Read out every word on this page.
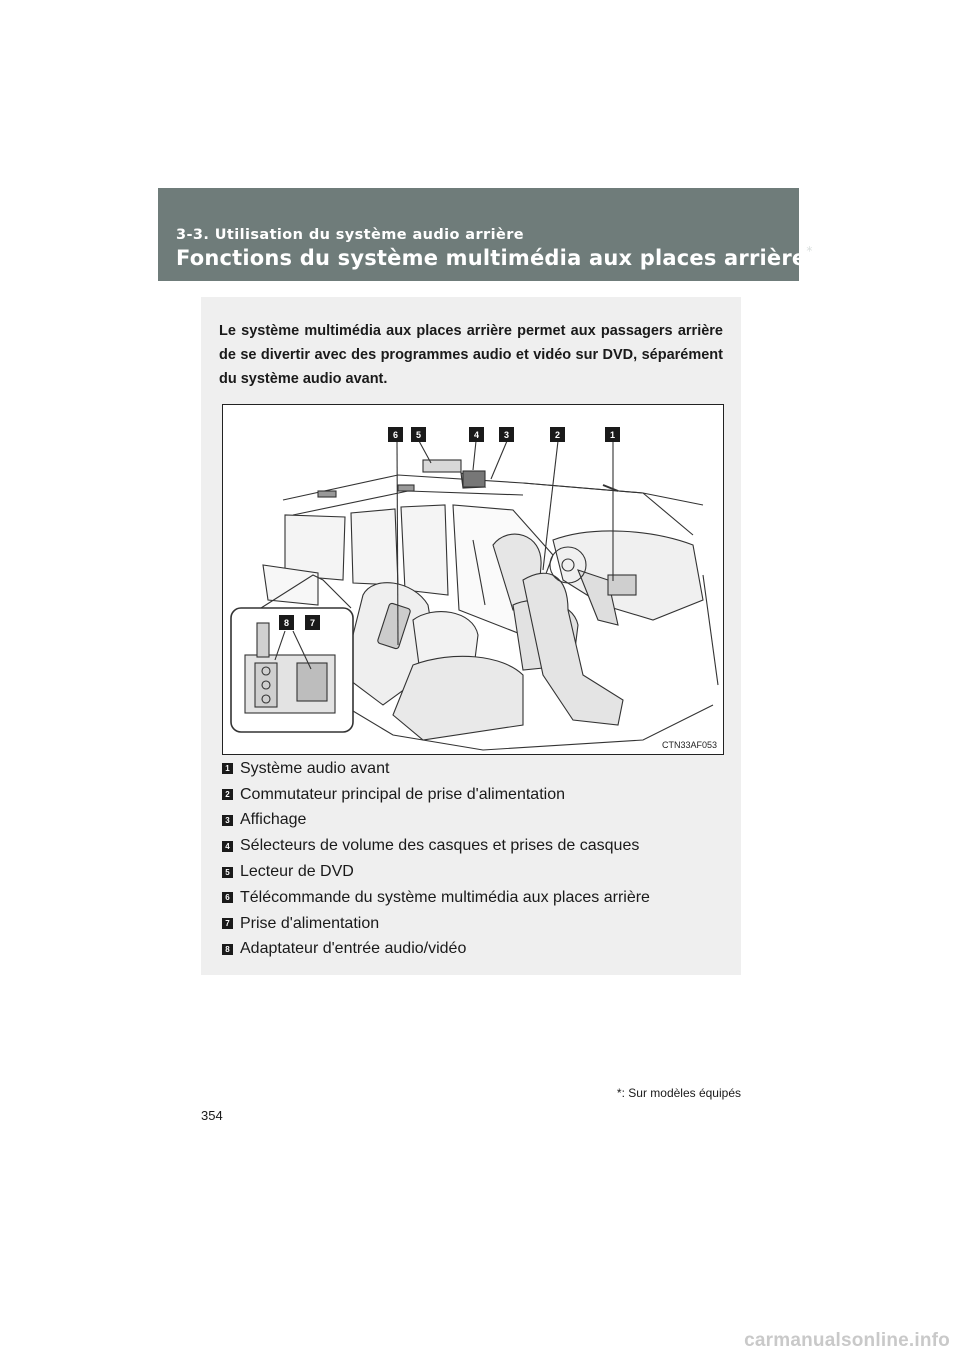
3-3. Utilisation du système audio arrière
Fonctions du système multimédia aux places arrière*
Le système multimédia aux places arrière permet aux passagers arrière de se divertir avec des programmes audio et vidéo sur DVD, séparément du système audio avant.
6 5	4	3	2	1
8 7
CTN33AF053
1 Système audio avant
2 Commutateur principal de prise d'alimentation
3 Affichage
4 Sélecteurs de volume des casques et prises de casques
5 Lecteur de DVD
6 Télécommande du système multimédia aux places arrière
7 Prise d'alimentation
8 Adaptateur d'entrée audio/vidéo
*: Sur modèles équipés
354
carmanualsonline.info
